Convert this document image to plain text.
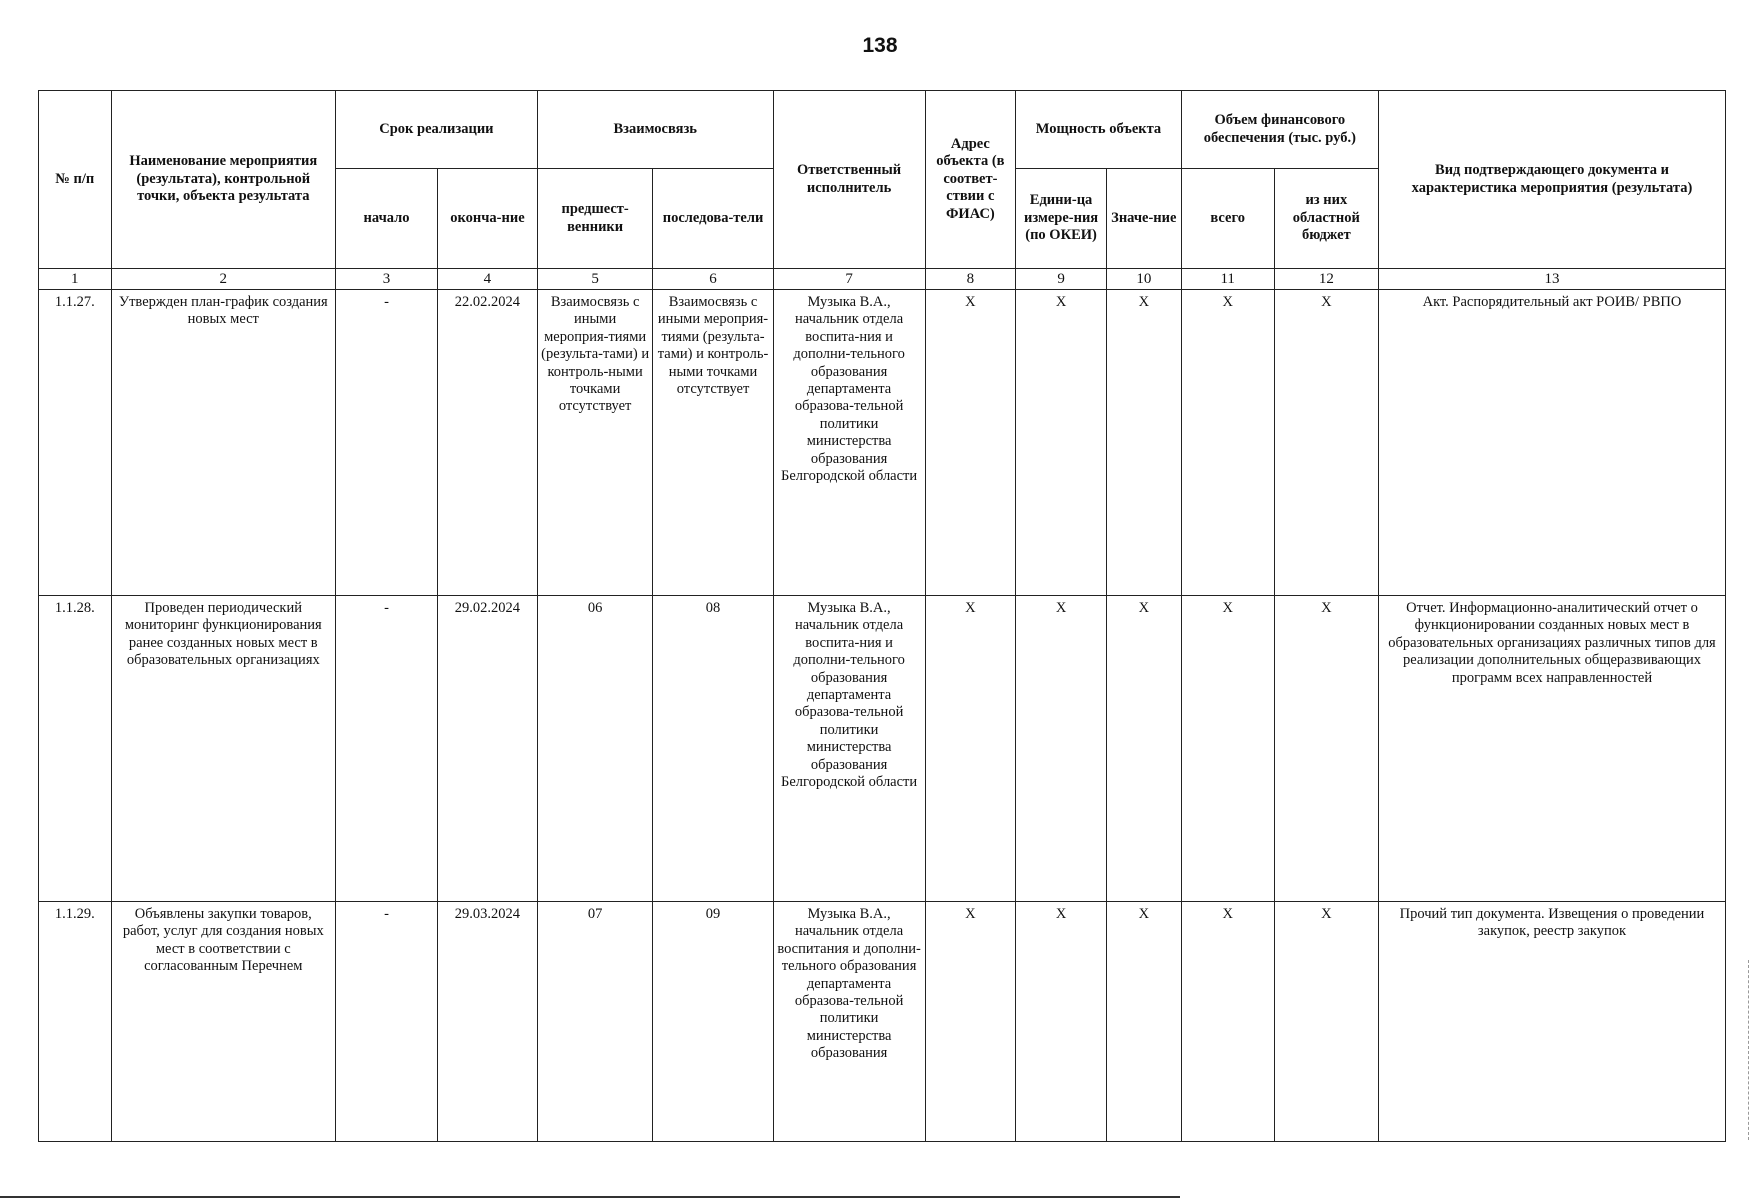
138
№ п/п	Наименование мероприятия (результата), контрольной точки, объекта результата	Срок реализации		Взаимосвязь		Ответственный исполнитель	Адрес объекта (в соответ-ствии с ФИАС)	Мощность объекта		Объем финансового обеспечения (тыс. руб.)		Вид подтверждающего документа и характеристика мероприятия (результата)
		начало	оконча-ние	предшест-венники	последова-тели			Едини-ца измере-ния (по ОКЕИ)	Значе-ние	всего	из них областной бюджет	
1	2	3	4	5	6	7	8	9	10	11	12	13
1.1.27.	Утвержден план-график создания новых мест	-	22.02.2024	Взаимосвязь с иными мероприя-тиями (результа-тами) и контроль-ными точками отсутствует	Взаимосвязь с иными мероприя-тиями (результа-тами) и контроль-ными точками отсутствует	Музыка В.А., начальник отдела воспита-ния и дополни-тельного образования департамента образова-тельной политики министерства образования Белгородской области	X	X	X	X	X	Акт. Распорядительный акт РОИВ/ РВПО
1.1.28.	Проведен периодический мониторинг функционирования ранее созданных новых мест в образовательных организациях	-	29.02.2024	06	08	Музыка В.А., начальник отдела воспита-ния и дополни-тельного образования департамента образова-тельной политики министерства образования Белгородской области	X	X	X	X	X	Отчет. Информационно-аналитический отчет о функционировании созданных новых мест в образовательных организациях различных типов для реализации дополнительных общеразвивающих программ всех направленностей
1.1.29.	Объявлены закупки товаров, работ, услуг для создания новых мест в соответствии с согласованным Перечнем	-	29.03.2024	07	09	Музыка В.А., начальник отдела воспитания и дополни-тельного образования департамента образова-тельной политики министерства образования	X	X	X	X	X	Прочий тип документа. Извещения о проведении закупок, реестр закупок
